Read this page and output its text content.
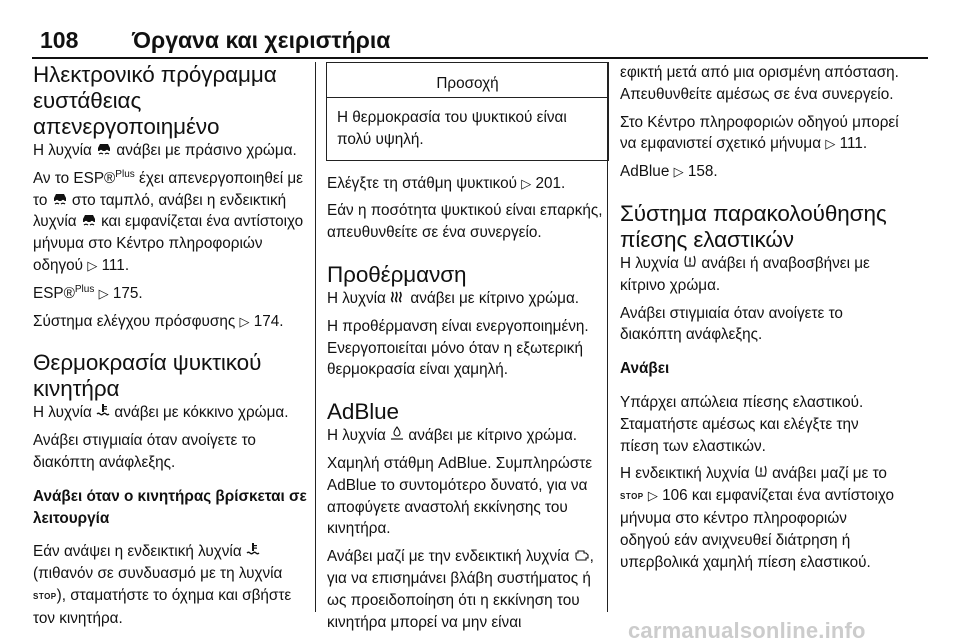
108 Όργανα και χειριστήρια
Ηλεκτρονικό πρόγραμμα ευστάθειας απενεργοποιημένο

Η λυχνία ανάβει με πράσινο χρώμα.

Αν το ESP®$^{Plus}$ έχει απενεργοποιηθεί με το στο ταμπλό, ανάβει η ενδεικτική λυχνία και εμφανίζεται ένα αντίστοιχο μήνυμα στο Κέντρο πληροφοριών οδηγού ▷ 111.

ESP®$^{Plus}$ ▷ 175.

Σύστημα ελέγχου πρόσφυσης ▷ 174.

Θερμοκρασία ψυκτικού κινητήρα

Η λυχνία ανάβει με κόκκινο χρώμα.

Ανάβει στιγμιαία όταν ανοίγετε το διακόπτη ανάφλεξης.

Ανάβει όταν ο κινητήρας βρίσκεται σε λειτουργία

Εάν ανάψει η ενδεικτική λυχνία  (πιθανόν σε συνδυασμό με τη λυχνία STOP), σταματήστε το όχημα και σβήστε τον κινητήρα.

Προσοχή
Η θερμοκρασία του ψυκτικού είναι πολύ υψηλή.

Ελέγξτε τη στάθμη ψυκτικού ▷ 201.

Εάν η ποσότητα ψυκτικού είναι επαρκής, απευθυνθείτε σε ένα συνεργείο.

Προθέρμανση

Η λυχνία ανάβει με κίτρινο χρώμα.

Η προθέρμανση είναι ενεργοποιημένη. Ενεργοποιείται μόνο όταν η εξωτερική θερμοκρασία είναι χαμηλή.

AdBlue

Η λυχνία ανάβει με κίτρινο χρώμα.

Χαμηλή στάθμη AdBlue. Συμπληρώστε AdBlue το συντομότερο δυνατό, για να αποφύγετε αναστολή εκκίνησης του κινητήρα.

Ανάβει μαζί με την ενδεικτική λυχνία , για να επισημάνει βλάβη συστήματος ή ως προειδοποίηση ότι η εκκίνηση του κινητήρα μπορεί να μην είναι

εφικτή μετά από μια ορισμένη απόσταση. Απευθυνθείτε αμέσως σε ένα συνεργείο.

Στο Κέντρο πληροφοριών οδηγού μπορεί να εμφανιστεί σχετικό μήνυμα ▷ 111.

AdBlue ▷ 158.

Σύστημα παρακολούθησης πίεσης ελαστικών

Η λυχνία ανάβει ή αναβοσβήνει με κίτρινο χρώμα.

Ανάβει στιγμιαία όταν ανοίγετε το διακόπτη ανάφλεξης.

Ανάβει

Υπάρχει απώλεια πίεσης ελαστικού. Σταματήστε αμέσως και ελέγξτε την πίεση των ελαστικών.

Η ενδεικτική λυχνία ανάβει μαζί με το STOP ▷ 106 και εμφανίζεται ένα αντίστοιχο μήνυμα στο κέντρο πληροφοριών οδηγού εάν ανιχνευθεί διάτρηση ή υπερβολικά χαμηλή πίεση ελαστικού.

carmanualsonline.info
